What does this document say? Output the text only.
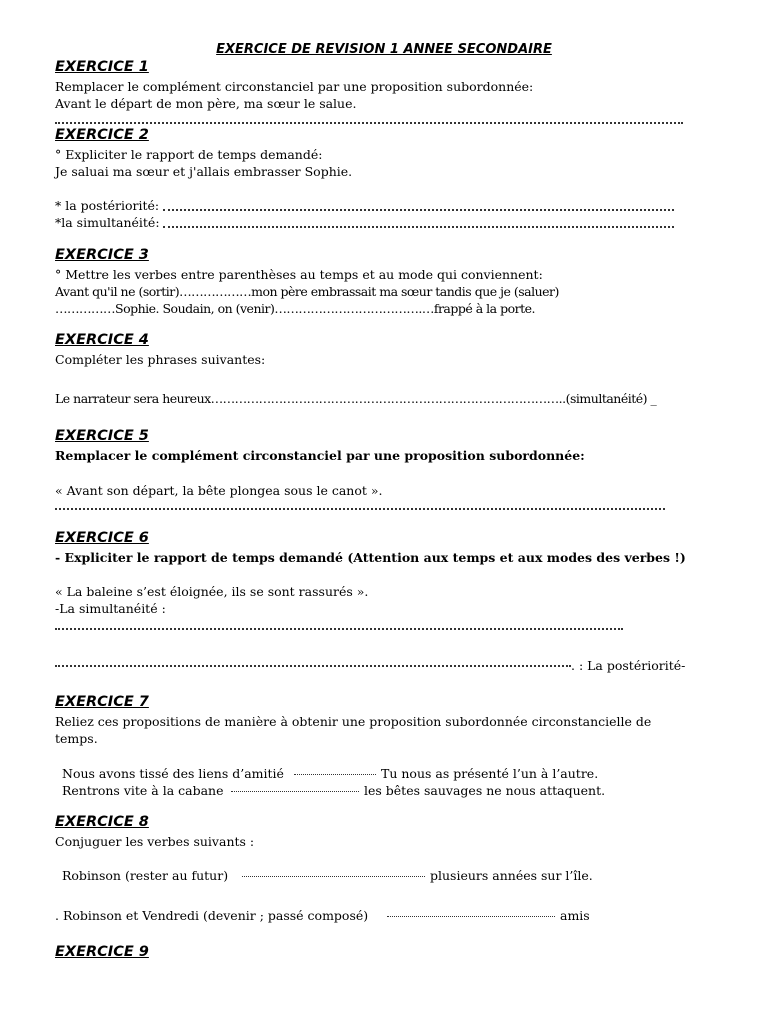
EXERCICE DE REVISION 1 ANNEE SECONDAIRE
EXERCICE 1
Remplacer le complément circonstanciel par une proposition subordonnée:
Avant le départ de mon père, ma sœur le salue.
EXERCICE 2
° Expliciter le rapport de temps demandé:
Je saluai ma sœur et j'allais embrasser Sophie.
* la postériorité:
*la simultanéité:
EXERCICE 3
° Mettre les verbes entre parenthèses au temps et au mode qui conviennent:
Avant qu'il ne (sortir)………………mon père embrassait ma sœur tandis que je (saluer)
……………Sophie. Soudain, on (venir)……………………………….…frappé à la porte.
EXERCICE 4
Compléter les phrases suivantes:
Le narrateur sera heureux……………………………………………………………………………..(simultanéité) _
EXERCICE 5
Remplacer le complément circonstanciel par une proposition subordonnée:
« Avant son départ, la bête plongea sous le canot ».
EXERCICE 6
- Expliciter le rapport de temps demandé (Attention aux temps et aux modes des verbes !)
« La baleine s’est éloignée, ils se sont rassurés ».
-La simultanéité :
. : La postériorité-
EXERCICE 7
Reliez ces propositions de manière à obtenir une proposition subordonnée circonstancielle de
temps.
Nous avons tissé des liens d’amitié	Tu nous as présenté l’un à l’autre.
Rentrons vite à la cabane	les bêtes sauvages ne nous attaquent.
EXERCICE 8
Conjuguer les verbes suivants :
Robinson (rester au futur)	plusieurs années sur l’île.
. Robinson et Vendredi (devenir ; passé composé)	amis
EXERCICE 9
